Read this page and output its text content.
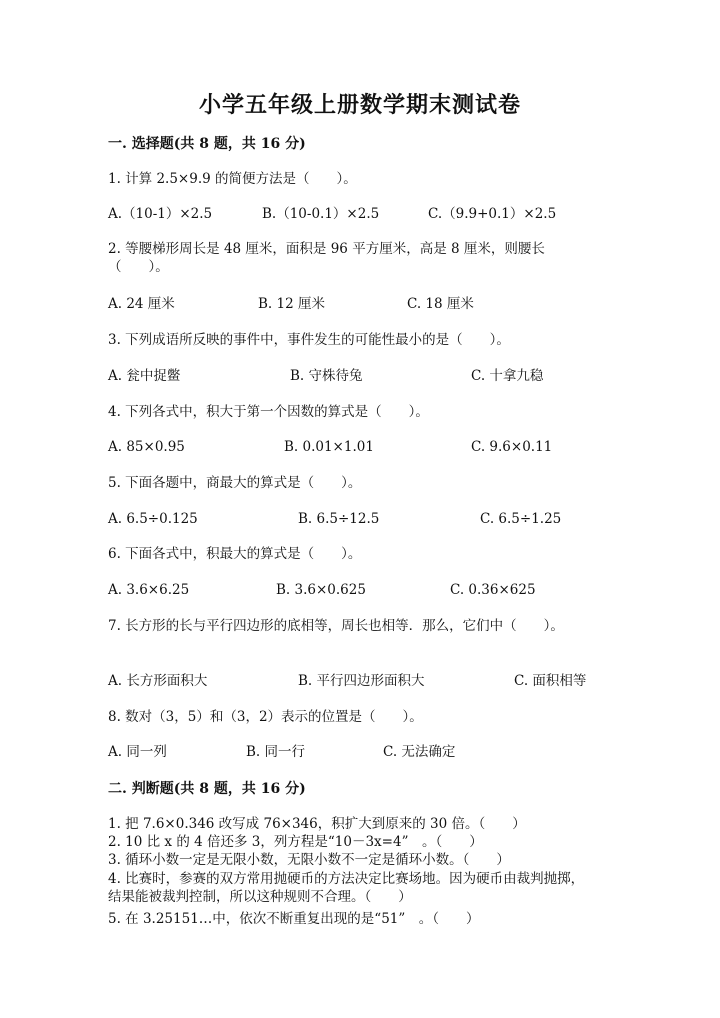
小学五年级上册数学期末测试卷
一. 选择题(共 8 题，共 16 分)
1. 计算 2.5×9.9 的简便方法是（　　）。
A.（10-1）×2.5	B.（10-0.1）×2.5	C.（9.9+0.1）×2.5
2. 等腰梯形周长是 48 厘米，面积是 96 平方厘米，高是 8 厘米，则腰长（　　）。
A. 24 厘米	B. 12 厘米	C. 18 厘米
3. 下列成语所反映的事件中，事件发生的可能性最小的是（　　）。
A. 瓮中捉鳖	B. 守株待兔	C. 十拿九稳
4. 下列各式中，积大于第一个因数的算式是（　　）。
A. 85×0.95	B. 0.01×1.01	C. 9.6×0.11
5. 下面各题中，商最大的算式是（　　）。
A. 6.5÷0.125	B. 6.5÷12.5	C. 6.5÷1.25
6. 下面各式中，积最大的算式是（　　）。
A. 3.6×6.25	B. 3.6×0.625	C. 0.36×625
7. 长方形的长与平行四边形的底相等，周长也相等．那么，它们中（　　）。
A. 长方形面积大	B. 平行四边形面积大	C. 面积相等
8. 数对（3，5）和（3，2）表示的位置是（　　）。
A. 同一列	B. 同一行	C. 无法确定
二. 判断题(共 8 题，共 16 分)
1. 把 7.6×0.346 改写成 76×346，积扩大到原来的 30 倍。（　　）
2. 10 比 x 的 4 倍还多 3，列方程是“10－3x=4”　。（　　）
3. 循环小数一定是无限小数，无限小数不一定是循环小数。（　　）
4. 比赛时，参赛的双方常用抛硬币的方法决定比赛场地。因为硬币由裁判抛掷，结果能被裁判控制，所以这种规则不合理。（　　）
5. 在 3.25151…中，依次不断重复出现的是“51”　。（　　）
